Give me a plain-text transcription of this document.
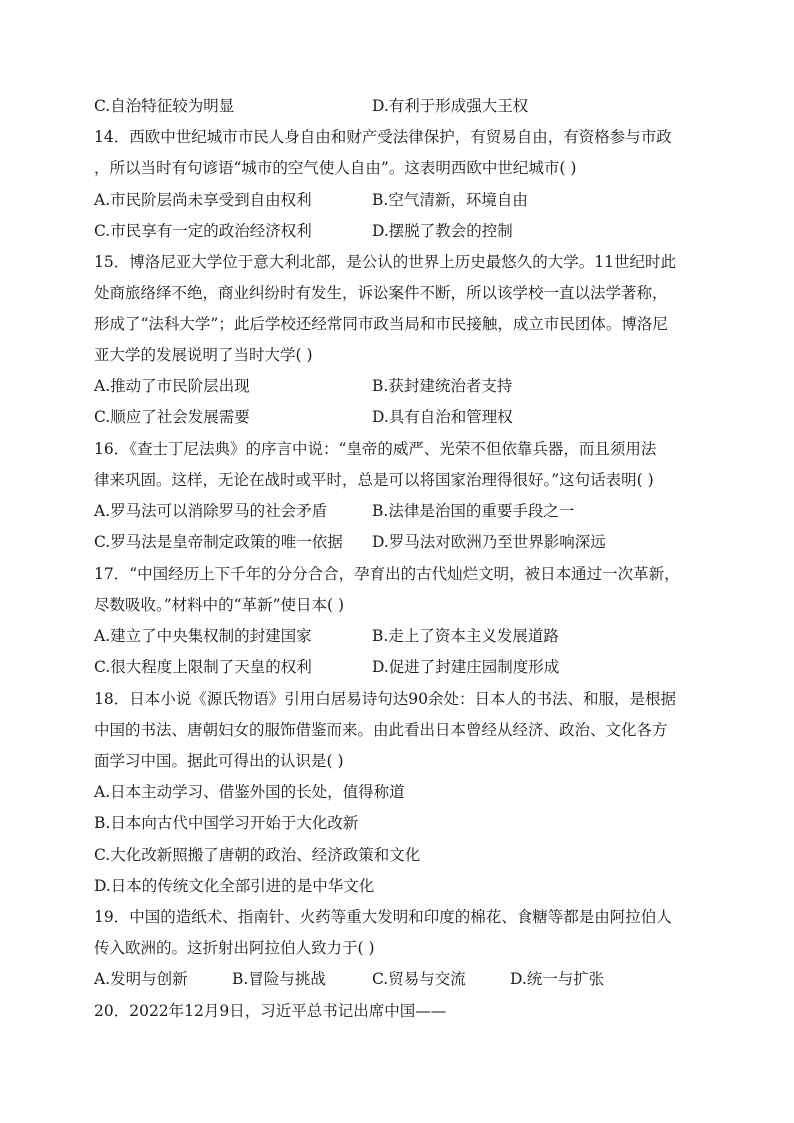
C.自治特征较为明显	D.有利于形成强大王权
14．西欧中世纪城市市民人身自由和财产受法律保护，有贸易自由，有资格参与市政
，所以当时有句谚语“城市的空气使人自由”。这表明西欧中世纪城市( )
A.市民阶层尚未享受到自由权利	B.空气清新，环境自由
C.市民享有一定的政治经济权利	D.摆脱了教会的控制
15．博洛尼亚大学位于意大利北部，是公认的世界上历史最悠久的大学。11世纪时此
处商旅络绎不绝，商业纠纷时有发生，诉讼案件不断，所以该学校一直以法学著称，
形成了“法科大学”；此后学校还经常同市政当局和市民接触，成立市民团体。博洛尼
亚大学的发展说明了当时大学( )
A.推动了市民阶层出现	B.获封建统治者支持
C.顺应了社会发展需要	D.具有自治和管理权
16．《查士丁尼法典》的序言中说：“皇帝的威严、光荣不但依靠兵器，而且须用法
律来巩固。这样，无论在战时或平时，总是可以将国家治理得很好。”这句话表明( )
A.罗马法可以消除罗马的社会矛盾	B.法律是治国的重要手段之一
C.罗马法是皇帝制定政策的唯一依据 D.罗马法对欧洲乃至世界影响深远
17．“中国经历上下千年的分分合合，孕育出的古代灿烂文明，被日本通过一次革新，
尽数吸收。”材料中的“革新”使日本( )
A.建立了中央集权制的封建国家	B.走上了资本主义发展道路
C.很大程度上限制了天皇的权利	D.促进了封建庄园制度形成
18．日本小说《源氏物语》引用白居易诗句达90余处：日本人的书法、和服，是根据
中国的书法、唐朝妇女的服饰借鉴而来。由此看出日本曾经从经济、政治、文化各方
面学习中国。据此可得出的认识是( )
A.日本主动学习、借鉴外国的长处，值得称道
B.日本向古代中国学习开始于大化改新
C.大化改新照搬了唐朝的政治、经济政策和文化
D.日本的传统文化全部引进的是中华文化
19．中国的造纸术、指南针、火药等重大发明和印度的棉花、食糖等都是由阿拉伯人
传入欧洲的。这折射出阿拉伯人致力于( )
A.发明与创新	B.冒险与挑战	C.贸易与交流	D.统一与扩张
20．2022年12月9日，习近平总书记出席中国——
